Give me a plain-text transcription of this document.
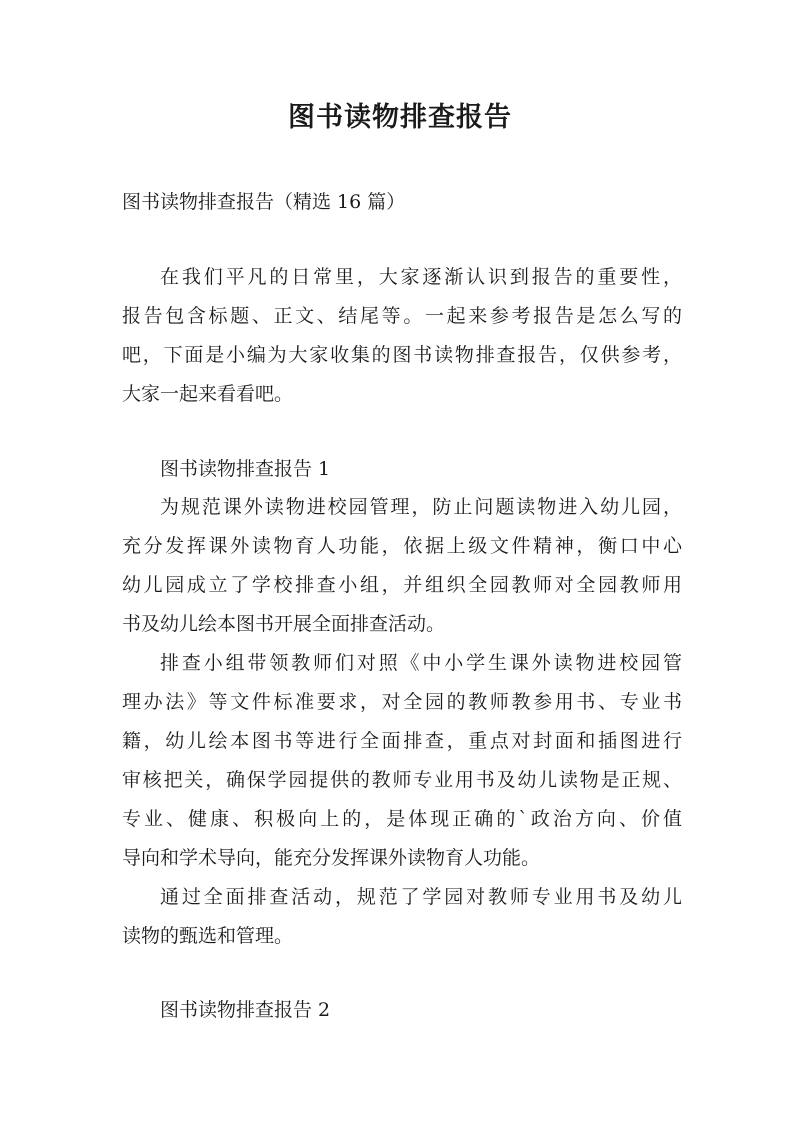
图书读物排查报告

图书读物排查报告（精选 16 篇）

在我们平凡的日常里，大家逐渐认识到报告的重要性，

报告包含标题、正文、结尾等。一起来参考报告是怎么写的

吧，下面是小编为大家收集的图书读物排查报告，仅供参考，

大家一起来看看吧。

图书读物排查报告 1

为规范课外读物进校园管理，防止问题读物进入幼儿园，

充分发挥课外读物育人功能，依据上级文件精神，衡口中心

幼儿园成立了学校排查小组，并组织全园教师对全园教师用

书及幼儿绘本图书开展全面排查活动。

排查小组带领教师们对照《中小学生课外读物进校园管

理办法》等文件标准要求，对全园的教师教参用书、专业书

籍，幼儿绘本图书等进行全面排查，重点对封面和插图进行

审核把关，确保学园提供的教师专业用书及幼儿读物是正规、

专业、健康、积极向上的，是体现正确的`政治方向、价值

导向和学术导向，能充分发挥课外读物育人功能。

通过全面排查活动，规范了学园对教师专业用书及幼儿

读物的甄选和管理。

图书读物排查报告 2
